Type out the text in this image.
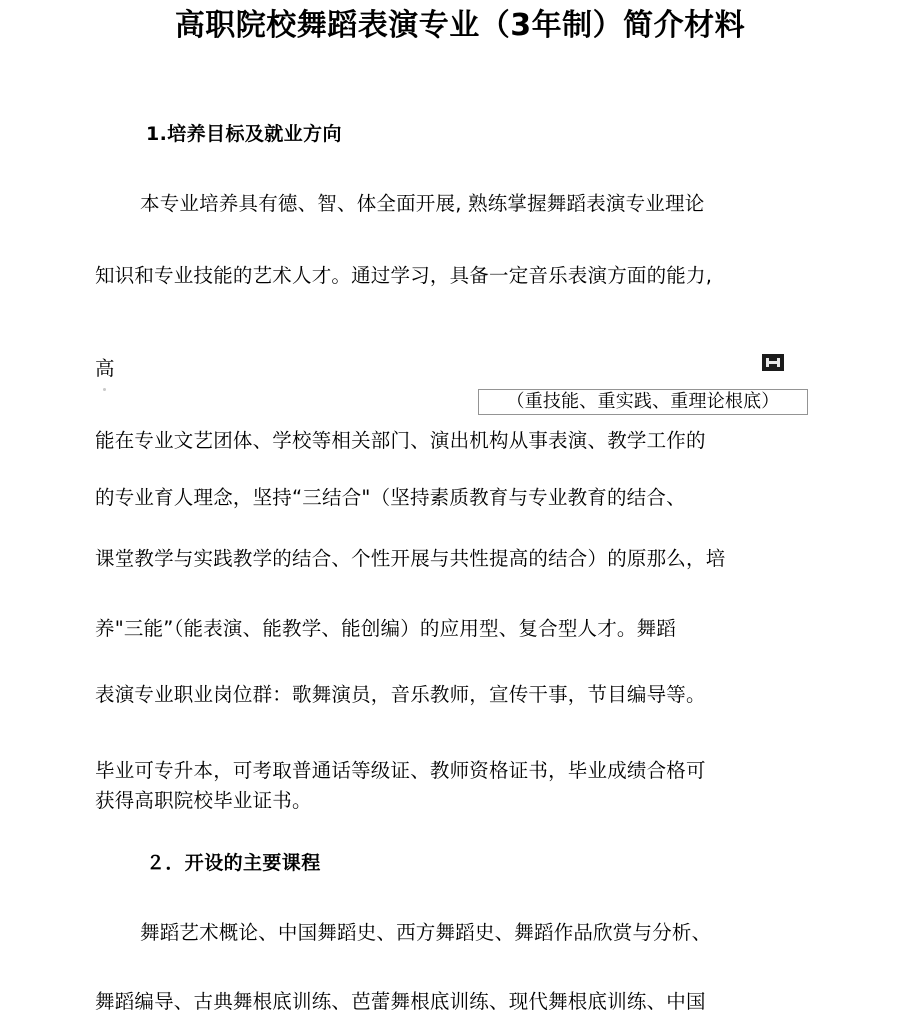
高职院校舞蹈表演专业（3年制）简介材料
1.培养目标及就业方向
本专业培养具有德、智、体全面开展, 熟练掌握舞蹈表演专业理论
知识和专业技能的艺术人才。通过学习，具备一定音乐表演方面的能力,
高
（重技能、重实践、重理论根底）
能在专业文艺团体、学校等相关部门、演出机构从事表演、教学工作的
的专业育人理念，坚持“三结合"（坚持素质教育与专业教育的结合、
课堂教学与实践教学的结合、个性开展与共性提高的结合）的原那么，培
养"三能”（能表演、能教学、能创编）的应用型、复合型人才。舞蹈
表演专业职业岗位群：歌舞演员，音乐教师，宣传干事，节目编导等。
毕业可专升本，可考取普通话等级证、教师资格证书，毕业成绩合格可
获得高职院校毕业证书。
２．开设的主要课程
舞蹈艺术概论、中国舞蹈史、西方舞蹈史、舞蹈作品欣赏与分析、
舞蹈编导、古典舞根底训练、芭蕾舞根底训练、现代舞根底训练、中国
